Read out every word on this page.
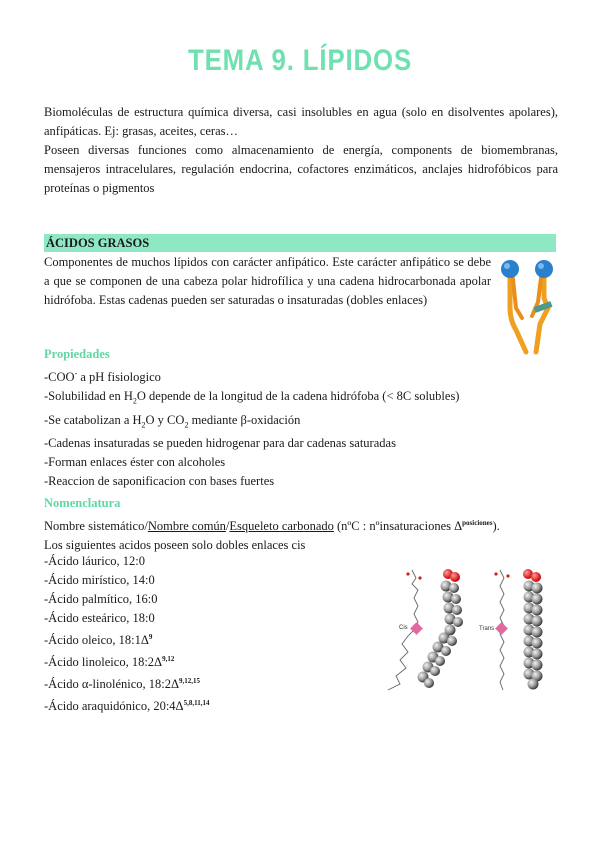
TEMA 9. LÍPIDOS

Biomoléculas de estructura química diversa, casi insolubles en agua (solo en disolventes apolares), anfipáticas. Ej: grasas, aceites, ceras…

Poseen diversas funciones como almacenamiento de energía, components de biomembranas, mensajeros intracelulares, regulación endocrina, cofactores enzimáticos, anclajes hidrofóbicos para proteínas o pigmentos

ÁCIDOS GRASOS
Componentes de muchos lípidos con carácter anfipático. Este carácter anfipático se debe a que se componen de una cabeza polar hidrofílica y una cadena hidrocarbonada apolar hidrófoba. Estas cadenas pueden ser saturadas o insaturadas (dobles enlaces)
Propiedades
-COO- a pH fisiologico
-Solubilidad en $H_2O$ depende de la longitud de la cadena hidrófoba (< 8C solubles)
-Se catabolizan a $H_2O$ y $CO_2$ mediante β-oxidación
-Cadenas insaturadas se pueden hidrogenar para dar cadenas saturadas
-Forman enlaces éster con alcoholes
-Reaccion de saponificacion con bases fuertes
Nomenclatura
Nombre sistemático/Nombre común/Esqueleto carbonado (nºC : nºinsaturaciones $\Delta^{posiciones}$).
Los siguientes acidos poseen solo dobles enlaces cis
-Ácido láurico, 12:0
-Ácido mirístico, 14:0
-Ácido palmítico, 16:0
-Ácido esteárico, 18:0
-Ácido oleico, $18:1\Delta^9$
-Ácido linoleico, $18:2\Delta^{9,12}$
-Ácido α-linolénico, $18:2\Delta^{9,12,15}$
-Ácido araquidónico, $20:4\Delta^{5,8,11,14}$
Cis	Trans
